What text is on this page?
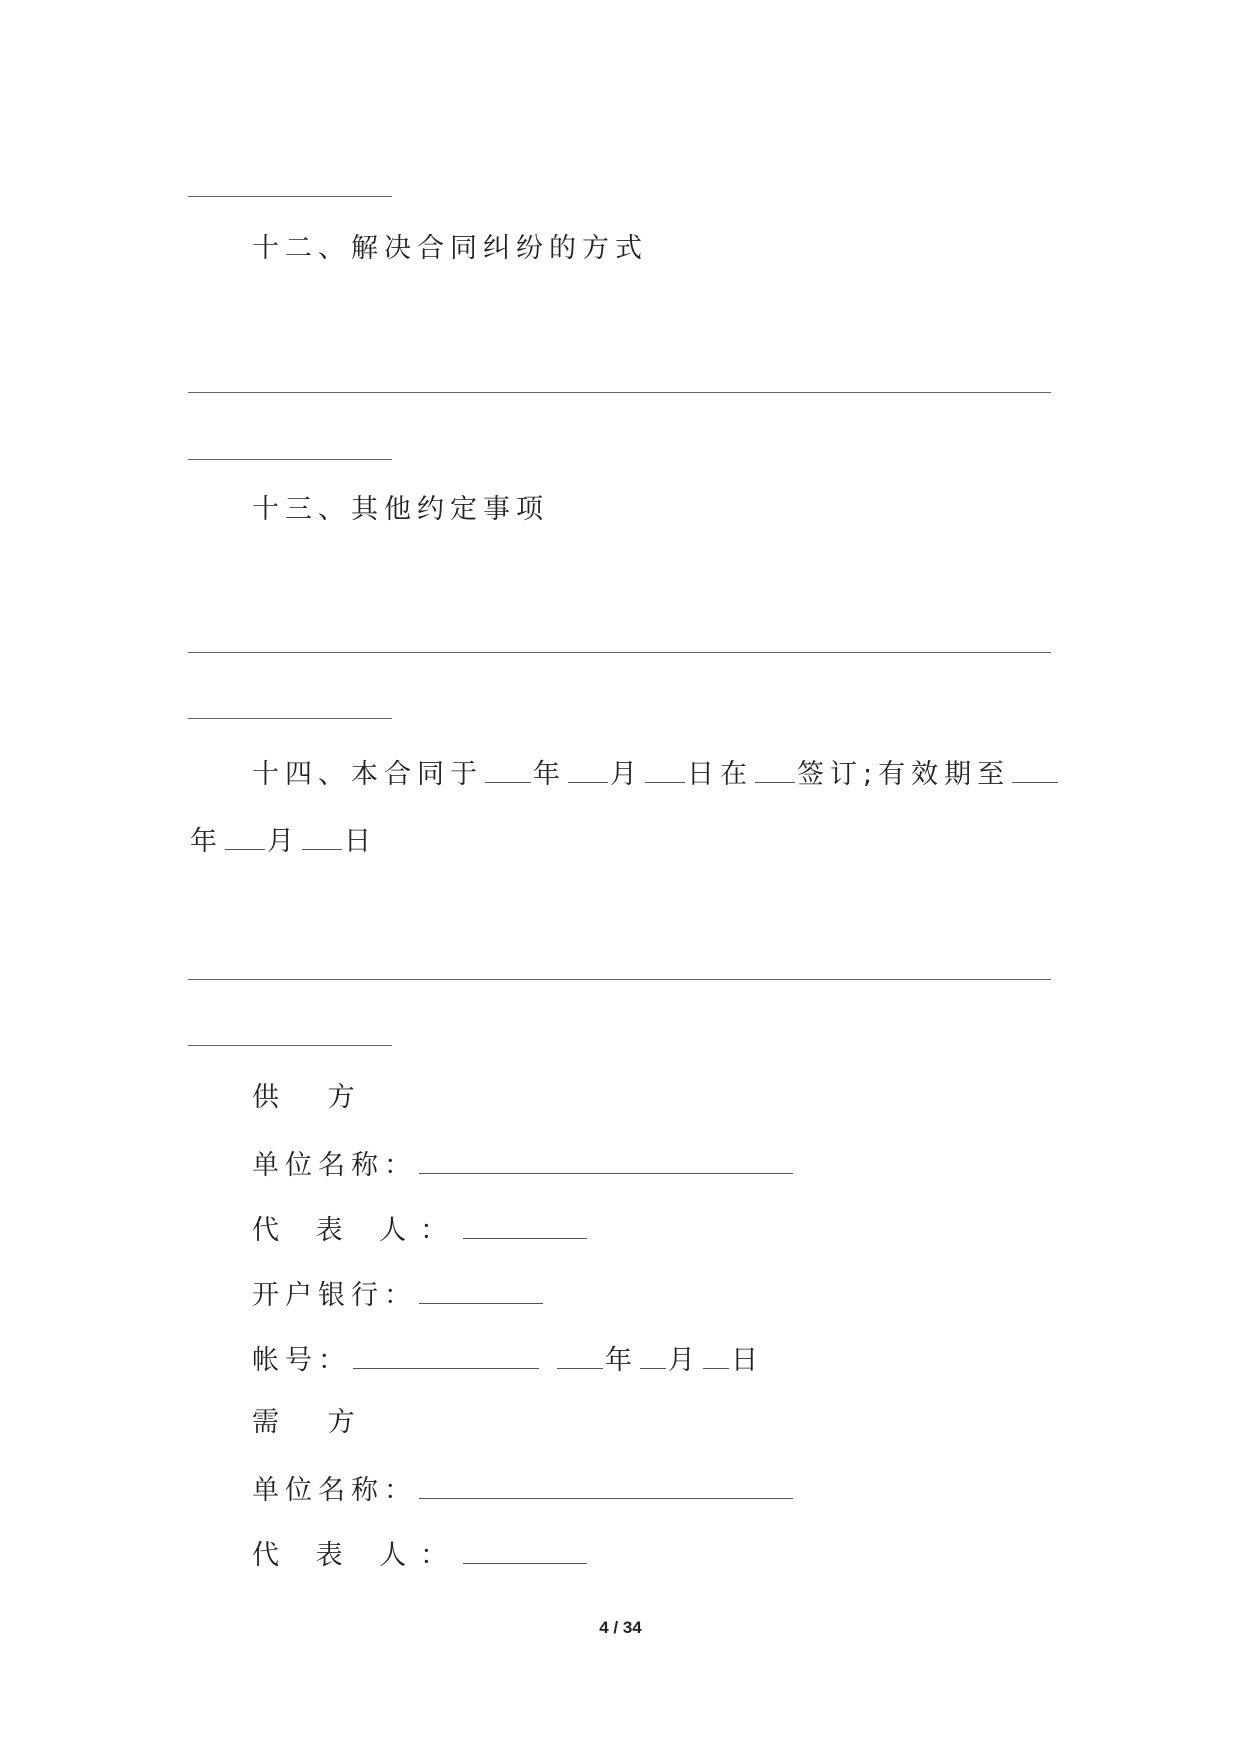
十二、解决合同纠纷的方式
十三、其他约定事项
十四、本合同于 年 月 日在 签订;有效期至
年 月 日
供 方
单位名称：
代 表 人：
开户银行：
帐号：	年 月 日
需 方
单位名称：
代 表 人：
4 / 34
